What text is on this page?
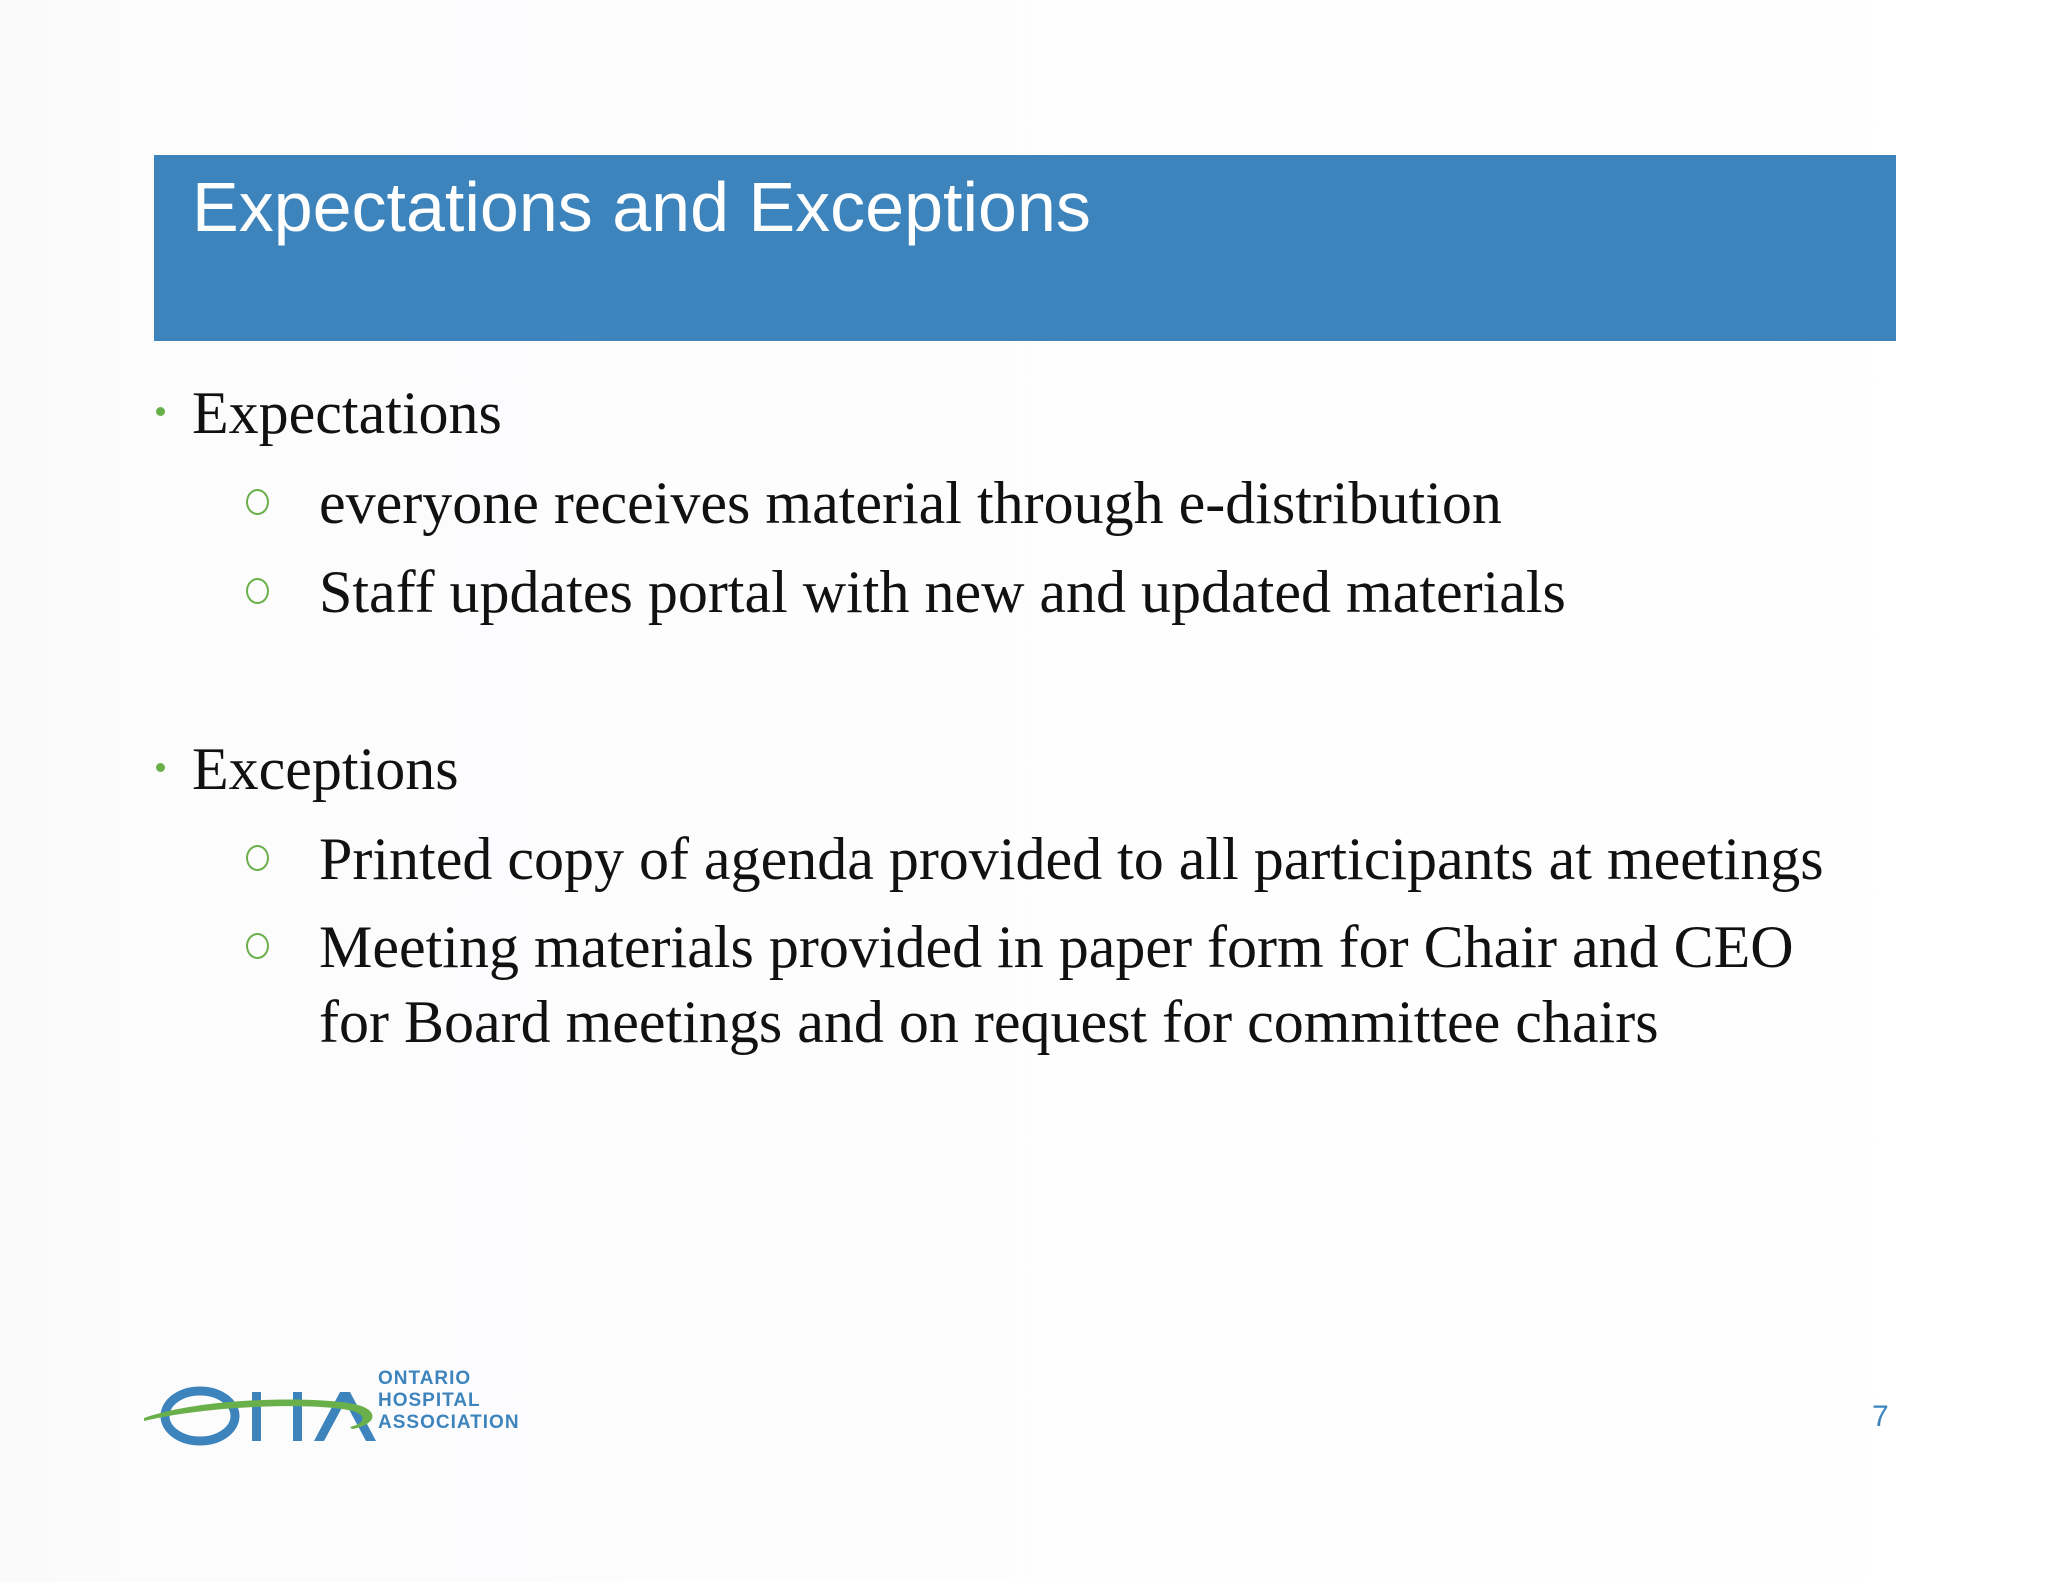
Expectations and Exceptions
Expectations
everyone receives material through e-distribution
Staff updates portal with new and updated materials
Exceptions
Printed copy of agenda provided to all participants at meetings
Meeting materials provided in paper form for Chair and CEO
for Board meetings and on request for committee chairs
ONTARIO
HOSPITAL
ASSOCIATION	7
